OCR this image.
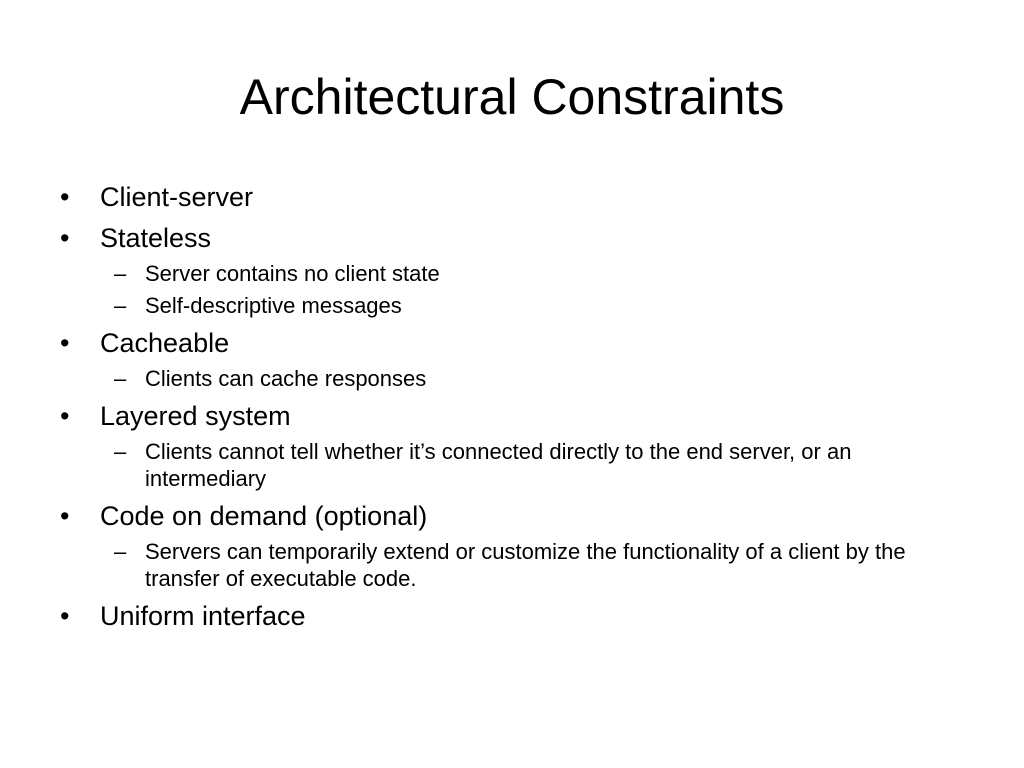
Architectural Constraints
•	Client-server
•	Stateless
– Server contains no client state
– Self-descriptive messages
•	Cacheable
– Clients can cache responses
•	Layered system
– Clients cannot tell whether it’s connected directly to the end server, or an intermediary
•	Code on demand (optional)
– Servers can temporarily extend or customize the functionality of a client by the transfer of executable code.
•	Uniform interface
